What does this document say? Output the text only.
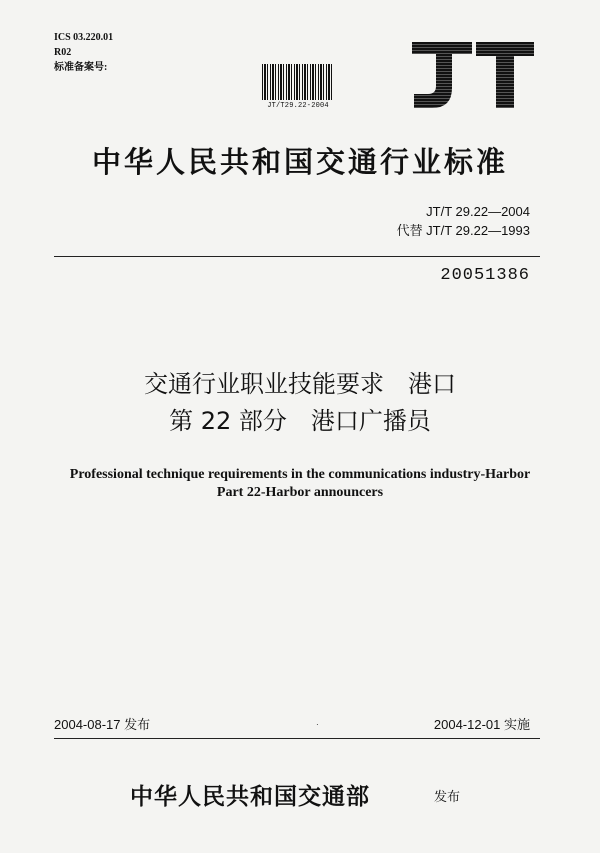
ICS 03.220.01
R02
标准备案号:
JT/T29.22-2004
中华人民共和国交通行业标准
JT/T 29.22—2004
代替 JT/T 29.22—1993
20051386
交通行业职业技能要求　港口
第 22 部分　港口广播员
Professional technique requirements in the communications industry-Harbor
Part 22-Harbor announcers
2004-08-17 发布	·	2004-12-01 实施
中华人民共和国交通部	发布
